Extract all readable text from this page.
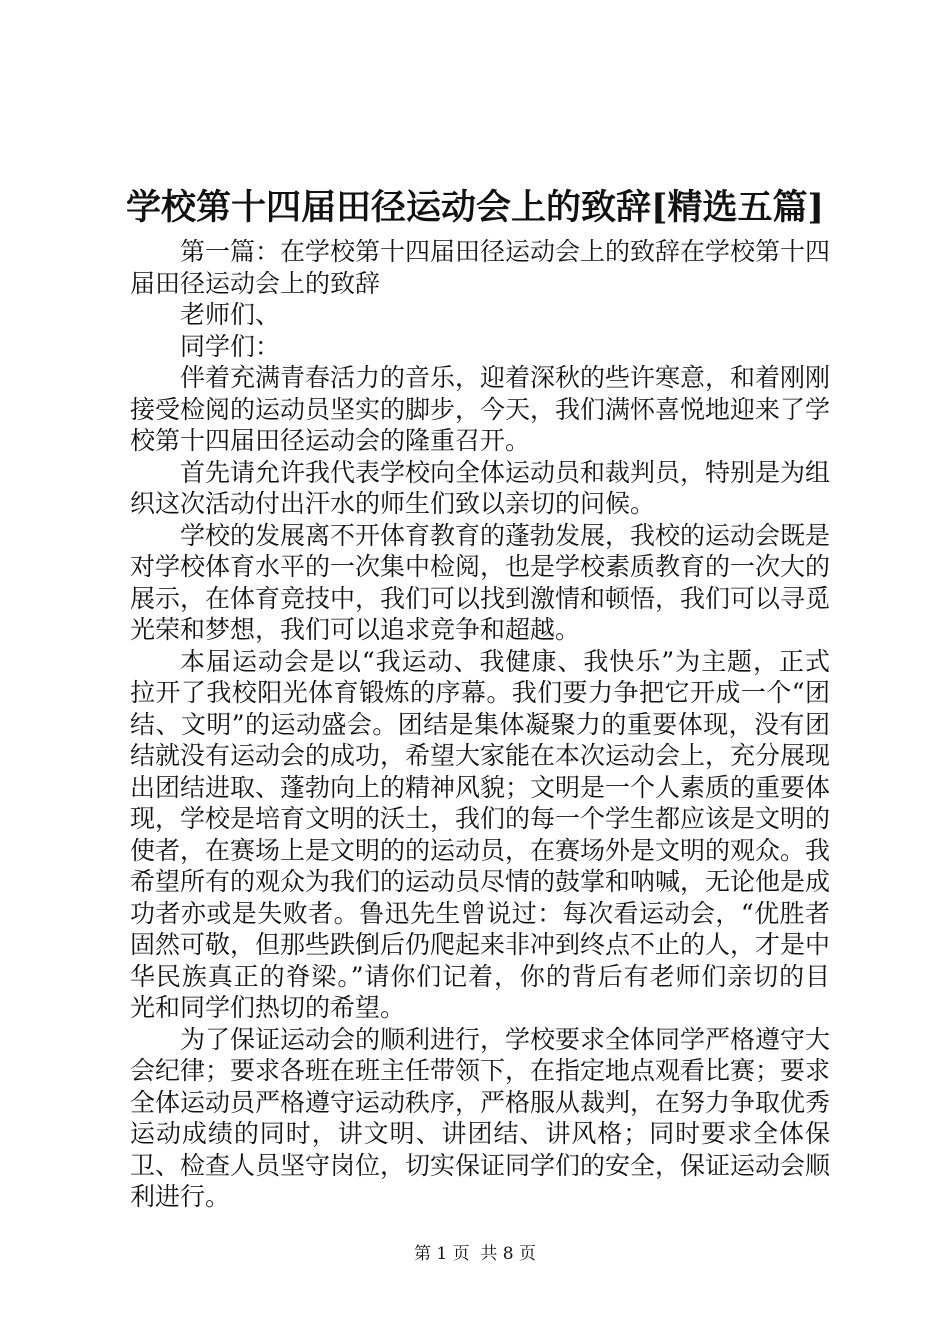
学校第十四届田径运动会上的致辞[精选五篇]

第一篇：在学校第十四届田径运动会上的致辞在学校第十四届田径运动会上的致辞

老师们、

同学们：

伴着充满青春活力的音乐，迎着深秋的些许寒意，和着刚刚接受检阅的运动员坚实的脚步，今天，我们满怀喜悦地迎来了学校第十四届田径运动会的隆重召开。

首先请允许我代表学校向全体运动员和裁判员，特别是为组织这次活动付出汗水的师生们致以亲切的问候。

学校的发展离不开体育教育的蓬勃发展，我校的运动会既是对学校体育水平的一次集中检阅，也是学校素质教育的一次大的展示，在体育竞技中，我们可以找到激情和顿悟，我们可以寻觅光荣和梦想，我们可以追求竞争和超越。

本届运动会是以“我运动、我健康、我快乐”为主题，正式拉开了我校阳光体育锻炼的序幕。我们要力争把它开成一个“团结、文明”的运动盛会。团结是集体凝聚力的重要体现，没有团结就没有运动会的成功，希望大家能在本次运动会上，充分展现出团结进取、蓬勃向上的精神风貌；文明是一个人素质的重要体现，学校是培育文明的沃土，我们的每一个学生都应该是文明的使者，在赛场上是文明的的运动员，在赛场外是文明的观众。我希望所有的观众为我们的运动员尽情的鼓掌和呐喊，无论他是成功者亦或是失败者。鲁迅先生曾说过：每次看运动会，“优胜者固然可敬，但那些跌倒后仍爬起来非冲到终点不止的人，才是中华民族真正的脊梁。”请你们记着，你的背后有老师们亲切的目光和同学们热切的希望。

为了保证运动会的顺利进行，学校要求全体同学严格遵守大会纪律；要求各班在班主任带领下，在指定地点观看比赛；要求全体运动员严格遵守运动秩序，严格服从裁判，在努力争取优秀运动成绩的同时，讲文明、讲团结、讲风格；同时要求全体保卫、检查人员坚守岗位，切实保证同学们的安全，保证运动会顺利进行。

第 1 页  共 8 页
